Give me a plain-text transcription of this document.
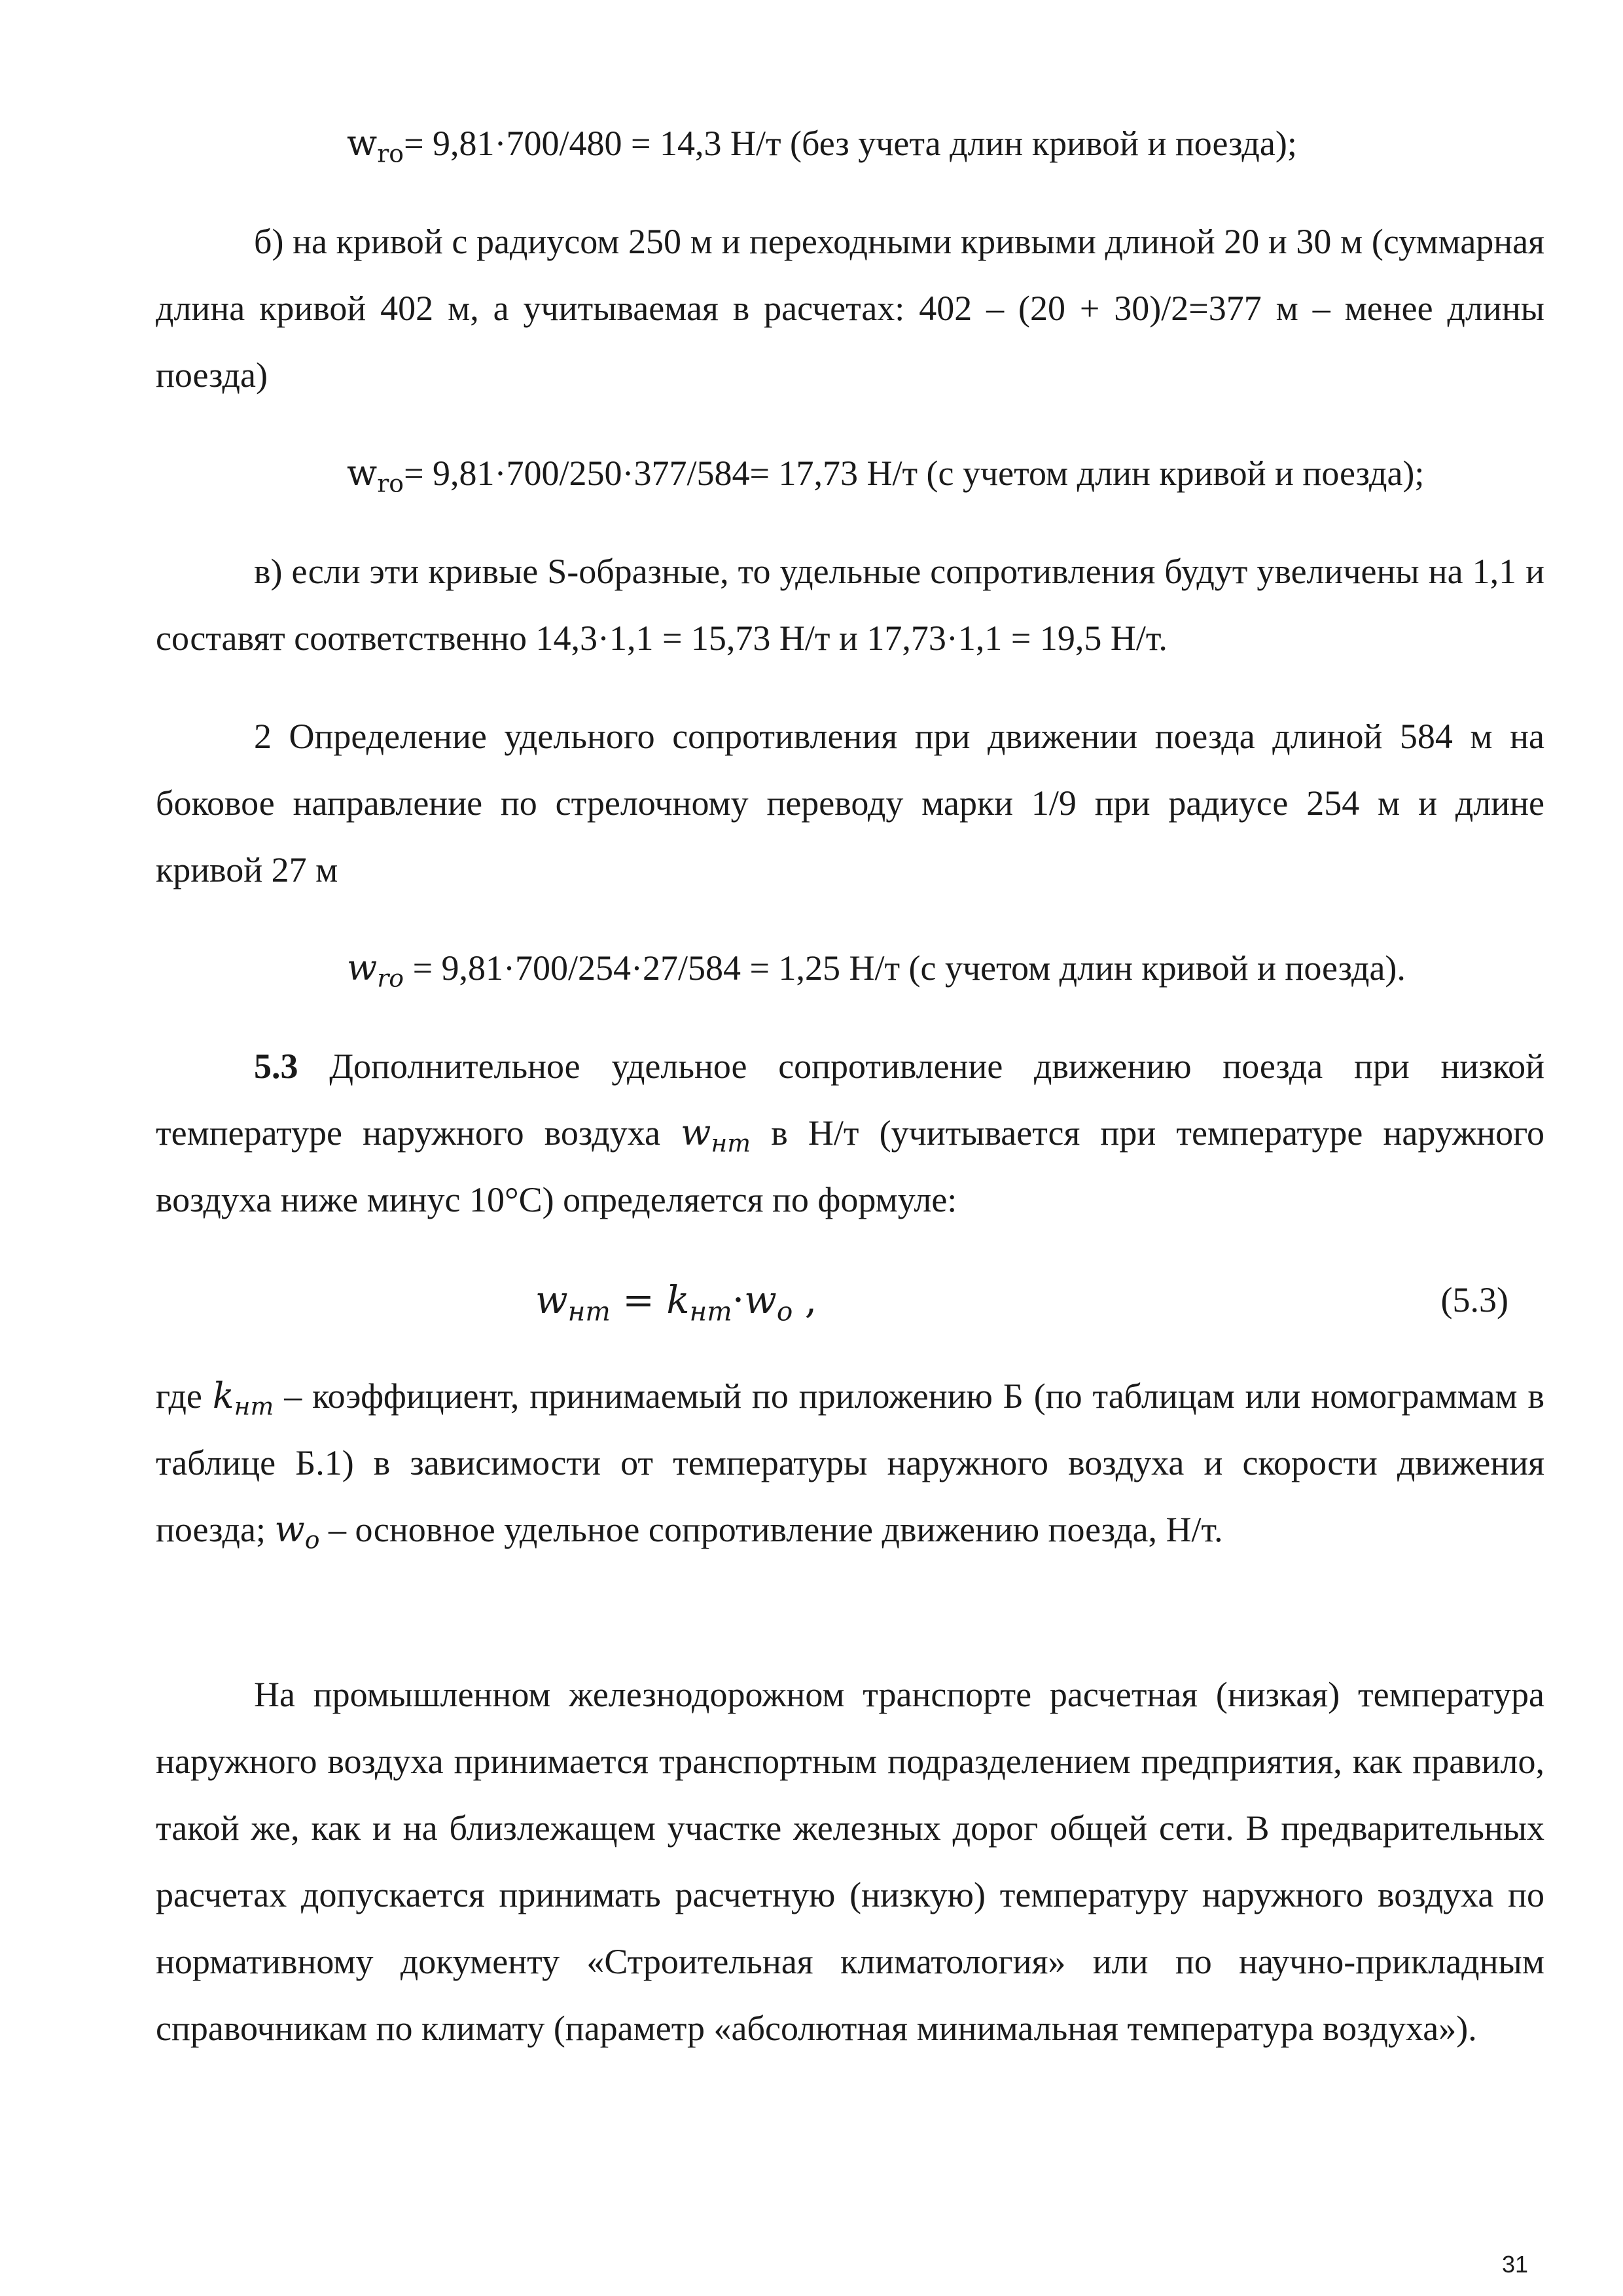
$w_{ro}= 9,81\cdot 700/480 = 14,3$ Н/т (без учета длин кривой и поезда);

б) на кривой с радиусом 250 м и переходными кривыми длиной 20 и 30 м (суммарная длина кривой 402 м, а учитываемая в расчетах: 402 – (20 + 30)/2=377 м – менее длины поезда)

$w_{ro}= 9,81\cdot 700/250\cdot 377/584= 17,73$ Н/т (с учетом длин кривой и поезда);

в) если эти кривые S-образные, то удельные сопротивления будут увеличены на 1,1 и составят соответственно 14,3·1,1 = 15,73 Н/т и 17,73·1,1 = 19,5 Н/т.

2 Определение удельного сопротивления при движении поезда длиной 584 м на боковое направление по стрелочному переводу марки 1/9 при радиусе 254 м и длине кривой 27 м

$w_{ro} = 9,81\cdot 700/254\cdot 27/584 = 1,25$ Н/т (с учетом длин кривой и поезда).

5.3 Дополнительное удельное сопротивление движению поезда при низкой температуре наружного воздуха $w_{нт}$ в Н/т (учитывается при температуре наружного воздуха ниже минус 10°С) определяется по формуле:

$w_{нт} = k_{нт}\cdot w_o$ ,	(5.3)

где $k_{нт}$ – коэффициент, принимаемый по приложению Б (по таблицам или номограммам в таблице Б.1) в зависимости от температуры наружного воздуха и скорости движения поезда; $w_o$ – основное удельное сопротивление движению поезда, Н/т.

На промышленном железнодорожном транспорте расчетная (низкая) температура наружного воздуха принимается транспортным подразделением предприятия, как правило, такой же, как и на близлежащем участке железных дорог общей сети. В предварительных расчетах допускается принимать расчетную (низкую) температуру наружного воздуха по нормативному документу «Строительная климатология» или по научно-прикладным справочникам по климату (параметр «абсолютная минимальная температура воздуха»).

31
